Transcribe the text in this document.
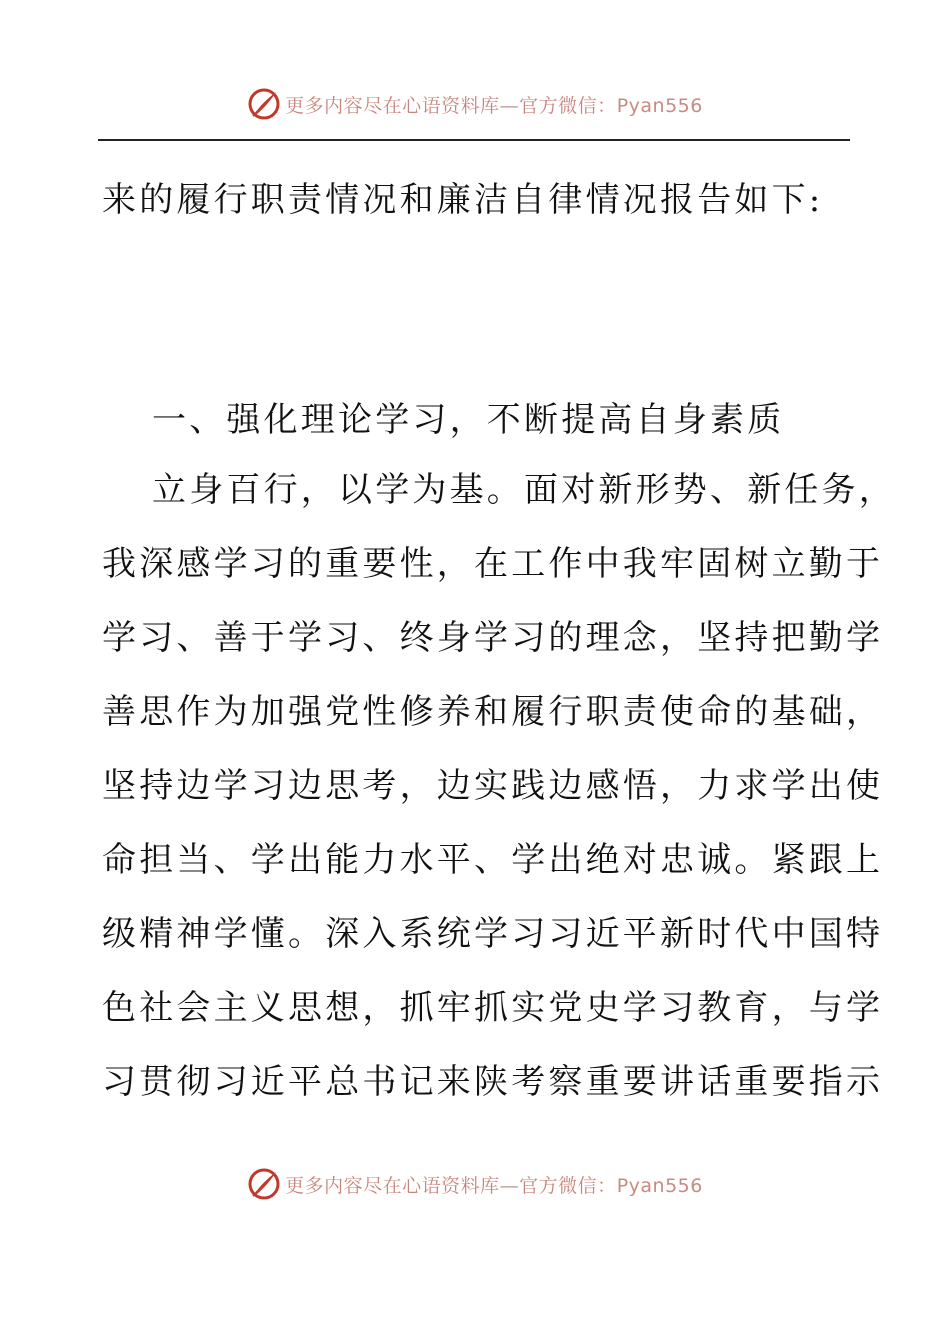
更多内容尽在心语资料库—官方微信：Pyan556
来的履行职责情况和廉洁自律情况报告如下:
一、强化理论学习，不断提高自身素质
立身百行，以学为基。面对新形势、新任务，
我深感学习的重要性，在工作中我牢固树立勤于
学习、善于学习、终身学习的理念，坚持把勤学
善思作为加强党性修养和履行职责使命的基础，
坚持边学习边思考，边实践边感悟，力求学出使
命担当、学出能力水平、学出绝对忠诚。紧跟上
级精神学懂。深入系统学习习近平新时代中国特
色社会主义思想，抓牢抓实党史学习教育，与学
习贯彻习近平总书记来陕考察重要讲话重要指示
更多内容尽在心语资料库—官方微信：Pyan556
